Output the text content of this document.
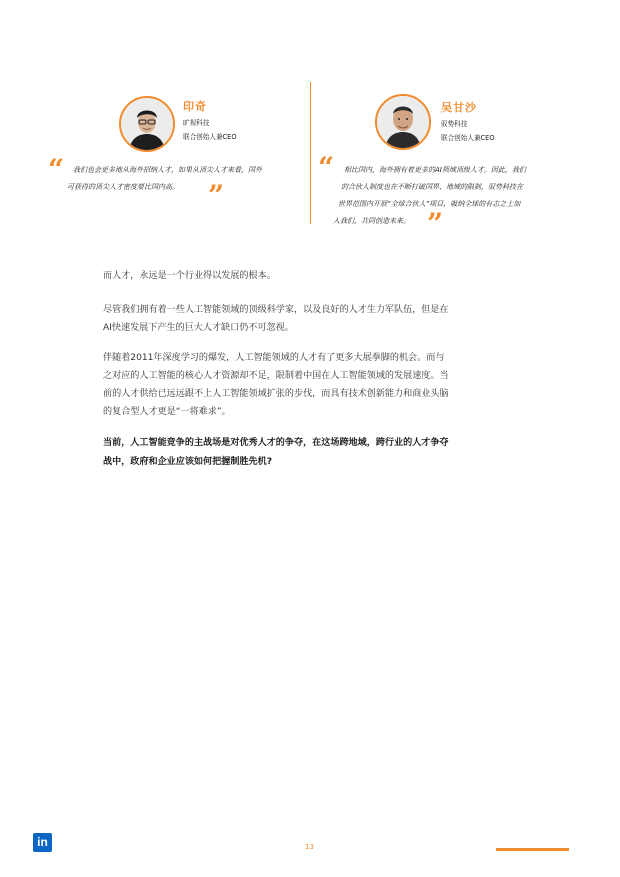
印奇
旷视科技
联合创始人兼CEO
“ 我们也会更多地从海外招纳人才，如果从顶尖人才来看，国外
可获得的顶尖人才密度要比国内高。 ”
吴甘沙
驭势科技
联合创始人兼CEO
“ 相比国内，海外拥有着更多的AI领域顶级人才。因此，我们
的合伙人制度也在不断打破国界、地域的限制，驭势科技在
世界范围内开展“全球合伙人”项目，吸纳全球的有志之士加
入我们，共同创造未来。 ”
而人才，永远是一个行业得以发展的根本。
尽管我们拥有着一些人工智能领域的顶级科学家，以及良好的人才生力军队伍，但是在
AI快速发展下产生的巨大人才缺口仍不可忽视。
伴随着2011年深度学习的爆发，人工智能领域的人才有了更多大展拳脚的机会。而与
之对应的人工智能的核心人才资源却不足，限制着中国在人工智能领域的发展速度。当
前的人才供给已远远跟不上人工智能领域扩张的步伐，而具有技术创新能力和商业头脑
的复合型人才更是“一将难求”。
当前，人工智能竞争的主战场是对优秀人才的争夺，在这场跨地域，跨行业的人才争夺
战中，政府和企业应该如何把握制胜先机?
in	13
